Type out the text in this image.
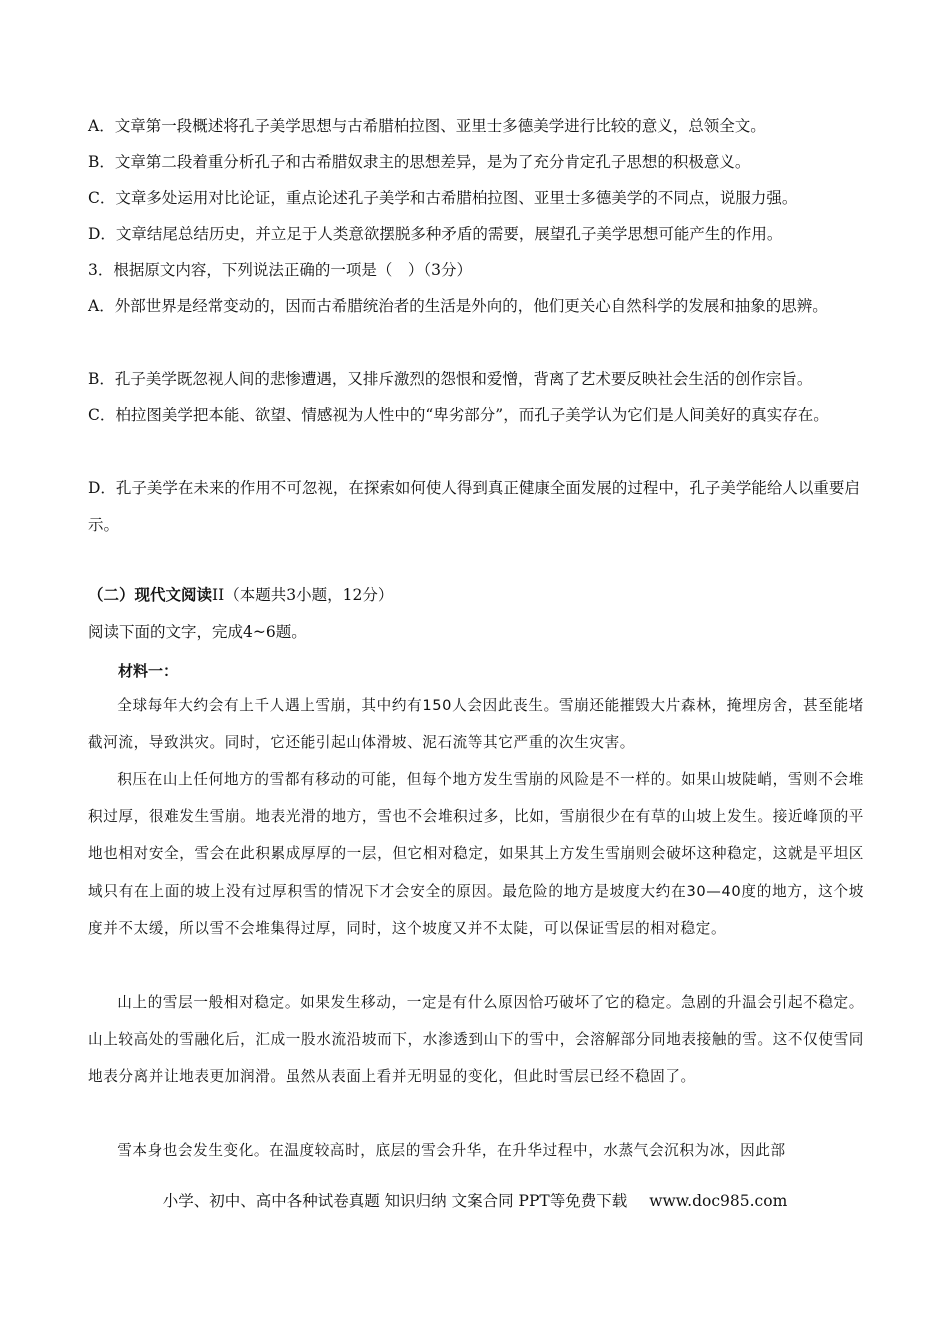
A．文章第一段概述将孔子美学思想与古希腊柏拉图、亚里士多德美学进行比较的意义，总领全文。
B．文章第二段着重分析孔子和古希腊奴隶主的思想差异，是为了充分肯定孔子思想的积极意义。
C．文章多处运用对比论证，重点论述孔子美学和古希腊柏拉图、亚里士多德美学的不同点，说服力强。
D．文章结尾总结历史，并立足于人类意欲摆脱多种矛盾的需要，展望孔子美学思想可能产生的作用。
3．根据原文内容，下列说法正确的一项是（　）（3分）
A．外部世界是经常变动的，因而古希腊统治者的生活是外向的，他们更关心自然科学的发展和抽象的思辨。
B．孔子美学既忽视人间的悲惨遭遇，又排斥激烈的怨恨和爱憎，背离了艺术要反映社会生活的创作宗旨。
C．柏拉图美学把本能、欲望、情感视为人性中的“卑劣部分”，而孔子美学认为它们是人间美好的真实存在。
D．孔子美学在未来的作用不可忽视，在探索如何使人得到真正健康全面发展的过程中，孔子美学能给人以重要启示。
（二）现代文阅读II（本题共3小题，12分）
阅读下面的文字，完成4~6题。
材料一：

全球每年大约会有上千人遇上雪崩，其中约有150人会因此丧生。雪崩还能摧毁大片森林，掩埋房舍，甚至能堵截河流，导致洪灾。同时，它还能引起山体滑坡、泥石流等其它严重的次生灾害。

积压在山上任何地方的雪都有移动的可能，但每个地方发生雪崩的风险是不一样的。如果山坡陡峭，雪则不会堆积过厚，很难发生雪崩。地表光滑的地方，雪也不会堆积过多，比如，雪崩很少在有草的山坡上发生。接近峰顶的平地也相对安全，雪会在此积累成厚厚的一层，但它相对稳定，如果其上方发生雪崩则会破坏这种稳定，这就是平坦区域只有在上面的坡上没有过厚积雪的情况下才会安全的原因。最危险的地方是坡度大约在30—40度的地方，这个坡度并不太缓，所以雪不会堆集得过厚，同时，这个坡度又并不太陡，可以保证雪层的相对稳定。

山上的雪层一般相对稳定。如果发生移动，一定是有什么原因恰巧破坏了它的稳定。急剧的升温会引起不稳定。山上较高处的雪融化后，汇成一股水流沿坡而下，水渗透到山下的雪中，会溶解部分同地表接触的雪。这不仅使雪同地表分离并让地表更加润滑。虽然从表面上看并无明显的变化，但此时雪层已经不稳固了。

雪本身也会发生变化。在温度较高时，底层的雪会升华，在升华过程中，水蒸气会沉积为冰，因此部

小学、初中、高中各种试卷真题 知识归纳 文案合同 PPT等免费下载 www.doc985.com
